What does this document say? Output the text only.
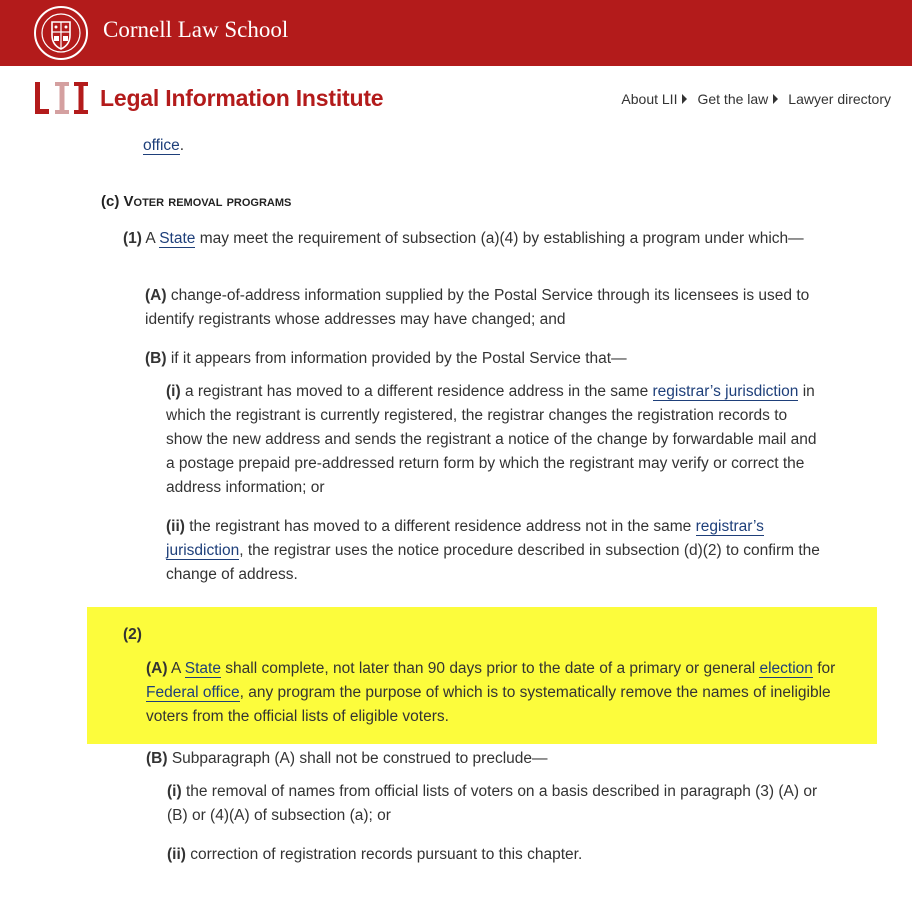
Cornell Law School
Legal Information Institute	About LII Get the law Lawyer directory
office.
(c) Voter removal programs
(1) A State may meet the requirement of subsection (a)(4) by establishing a program under which—
(A) change-of-address information supplied by the Postal Service through its licensees is used to identify registrants whose addresses may have changed; and
(B) if it appears from information provided by the Postal Service that—
(i) a registrant has moved to a different residence address in the same registrar’s jurisdiction in which the registrant is currently registered, the registrar changes the registration records to show the new address and sends the registrant a notice of the change by forwardable mail and a postage prepaid pre-addressed return form by which the registrant may verify or correct the address information; or
(ii) the registrant has moved to a different residence address not in the same registrar’s jurisdiction, the registrar uses the notice procedure described in subsection (d)(2) to confirm the change of address.
(2)
(A) A State shall complete, not later than 90 days prior to the date of a primary or general election for Federal office, any program the purpose of which is to systematically remove the names of ineligible voters from the official lists of eligible voters.
(B) Subparagraph (A) shall not be construed to preclude—
(i) the removal of names from official lists of voters on a basis described in paragraph (3) (A) or (B) or (4)(A) of subsection (a); or
(ii) correction of registration records pursuant to this chapter.
